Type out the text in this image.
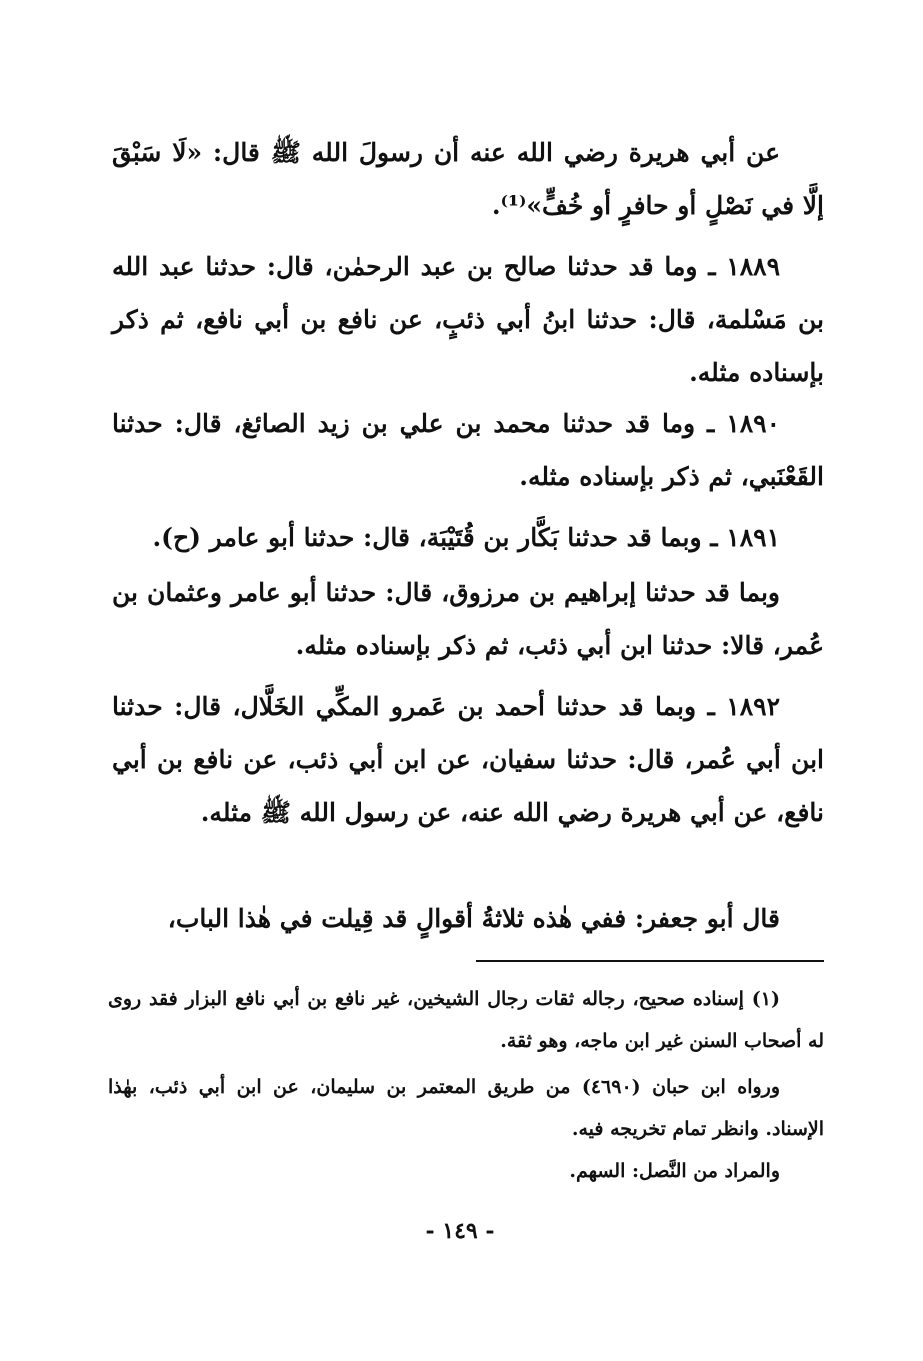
عن أبي هريرة رضي الله عنه أن رسولَ الله ﷺ قال: «لَا سَبْقَ إلَّا في نَصْلٍ أو حافرٍ أو خُفٍّ»⁽¹⁾.

١٨٨٩ ـ وما قد حدثنا صالح بن عبد الرحمٰن، قال: حدثنا عبد الله بن مَسْلمة، قال: حدثنا ابنُ أبي ذئبٍ، عن نافع بن أبي نافع، ثم ذكر بإسناده مثله.

١٨٩٠ ـ وما قد حدثنا محمد بن علي بن زيد الصائغ، قال: حدثنا القَعْنَبي، ثم ذكر بإسناده مثله.

١٨٩١ ـ وبما قد حدثنا بَكَّار بن قُتَيْبَة، قال: حدثنا أبو عامر (ح).

وبما قد حدثنا إبراهيم بن مرزوق، قال: حدثنا أبو عامر وعثمان بن عُمر، قالا: حدثنا ابن أبي ذئب، ثم ذكر بإسناده مثله.

١٨٩٢ ـ وبما قد حدثنا أحمد بن عَمرو المكِّي الخَلَّال، قال: حدثنا ابن أبي عُمر، قال: حدثنا سفيان، عن ابن أبي ذئب، عن نافع بن أبي نافع، عن أبي هريرة رضي الله عنه، عن رسول الله ﷺ مثله.

قال أبو جعفر: ففي هٰذه ثلاثةُ أقوالٍ قد قِيلت في هٰذا الباب،

(١) إسناده صحيح، رجاله ثقات رجال الشيخين، غير نافع بن أبي نافع البزار فقد روى له أصحاب السنن غير ابن ماجه، وهو ثقة.

ورواه ابن حبان (٤٦٩٠) من طريق المعتمر بن سليمان، عن ابن أبي ذئب، بهٰذا الإسناد. وانظر تمام تخريجه فيه.

والمراد من النَّصل: السهم.

- ١٤٩ -
